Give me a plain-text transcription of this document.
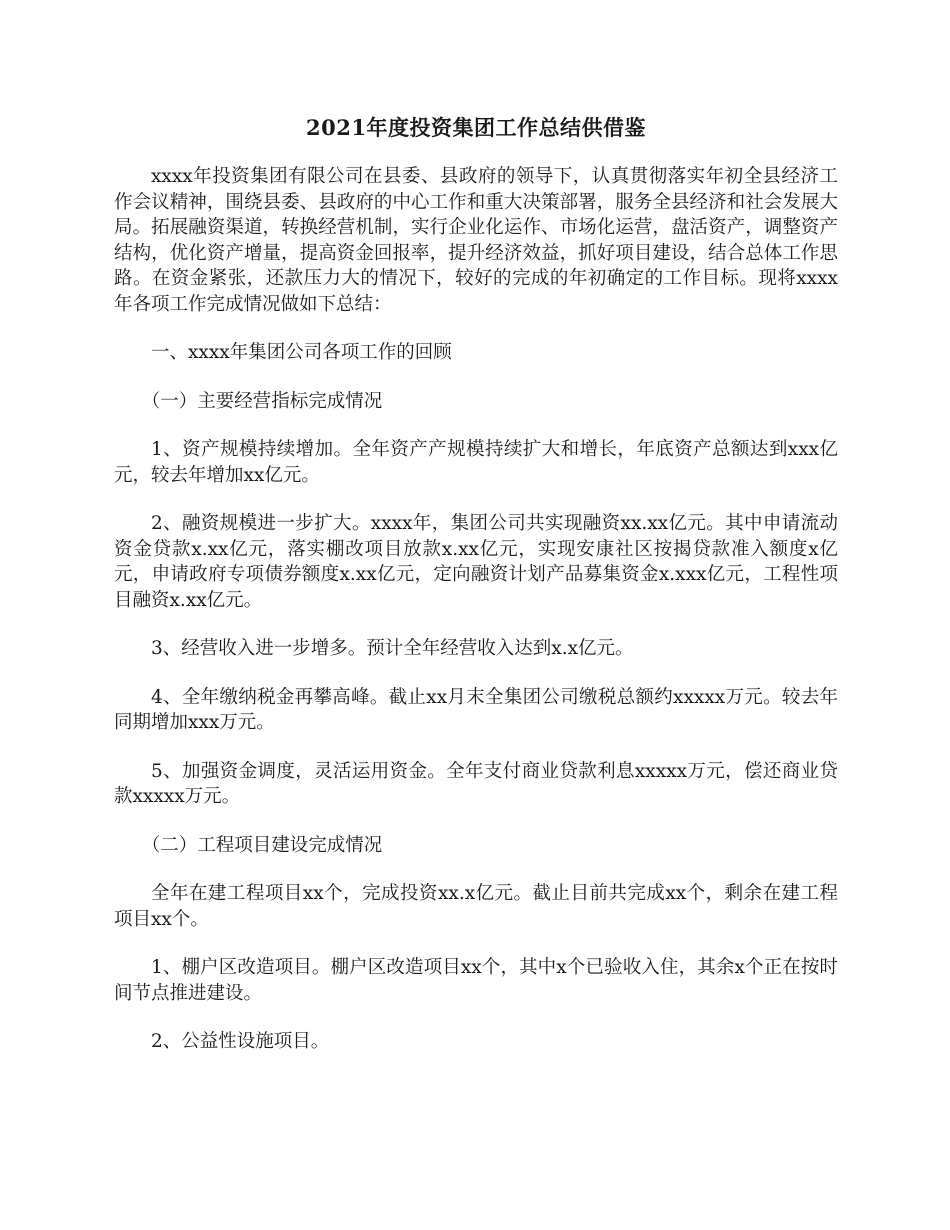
2021年度投资集团工作总结供借鉴

xxxx年投资集团有限公司在县委、县政府的领导下，认真贯彻落实年初全县经济工作会议精神，围绕县委、县政府的中心工作和重大决策部署，服务全县经济和社会发展大局。拓展融资渠道，转换经营机制，实行企业化运作、市场化运营，盘活资产，调整资产结构，优化资产增量，提高资金回报率，提升经济效益，抓好项目建设，结合总体工作思路。在资金紧张，还款压力大的情况下，较好的完成的年初确定的工作目标。现将xxxx年各项工作完成情况做如下总结：

一、xxxx年集团公司各项工作的回顾

（一）主要经营指标完成情况

1、资产规模持续增加。全年资产产规模持续扩大和增长，年底资产总额达到xxx亿元，较去年增加xx亿元。

2、融资规模进一步扩大。xxxx年，集团公司共实现融资xx.xx亿元。其中申请流动资金贷款x.xx亿元，落实棚改项目放款x.xx亿元，实现安康社区按揭贷款准入额度x亿元，申请政府专项债券额度x.xx亿元，定向融资计划产品募集资金x.xxx亿元，工程性项目融资x.xx亿元。

3、经营收入进一步增多。预计全年经营收入达到x.x亿元。

4、全年缴纳税金再攀高峰。截止xx月末全集团公司缴税总额约xxxxx万元。较去年同期增加xxx万元。

5、加强资金调度，灵活运用资金。全年支付商业贷款利息xxxxx万元，偿还商业贷款xxxxx万元。

（二）工程项目建设完成情况

全年在建工程项目xx个，完成投资xx.x亿元。截止目前共完成xx个，剩余在建工程项目xx个。

1、棚户区改造项目。棚户区改造项目xx个，其中x个已验收入住，其余x个正在按时间节点推进建设。

2、公益性设施项目。
